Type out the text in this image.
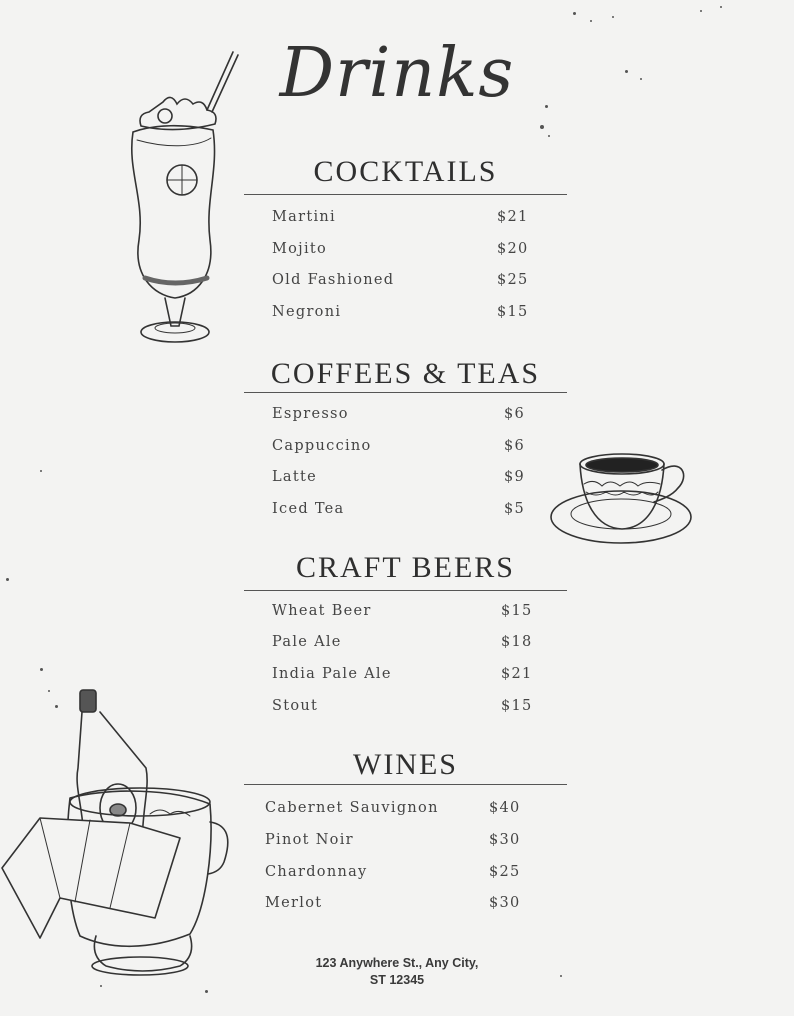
Drinks
COCKTAILS
Martini	$21
Mojito	$20
Old Fashioned	$25
Negroni	$15
COFFEES & TEAS
Espresso	$6
Cappuccino	$6
Latte	$9
Iced Tea	$5
CRAFT BEERS
Wheat Beer	$15
Pale Ale	$18
India Pale Ale	$21
Stout	$15
WINES
Cabernet Sauvignon	$40
Pinot Noir	$30
Chardonnay	$25
Merlot	$30
123 Anywhere St., Any City,
ST 12345
